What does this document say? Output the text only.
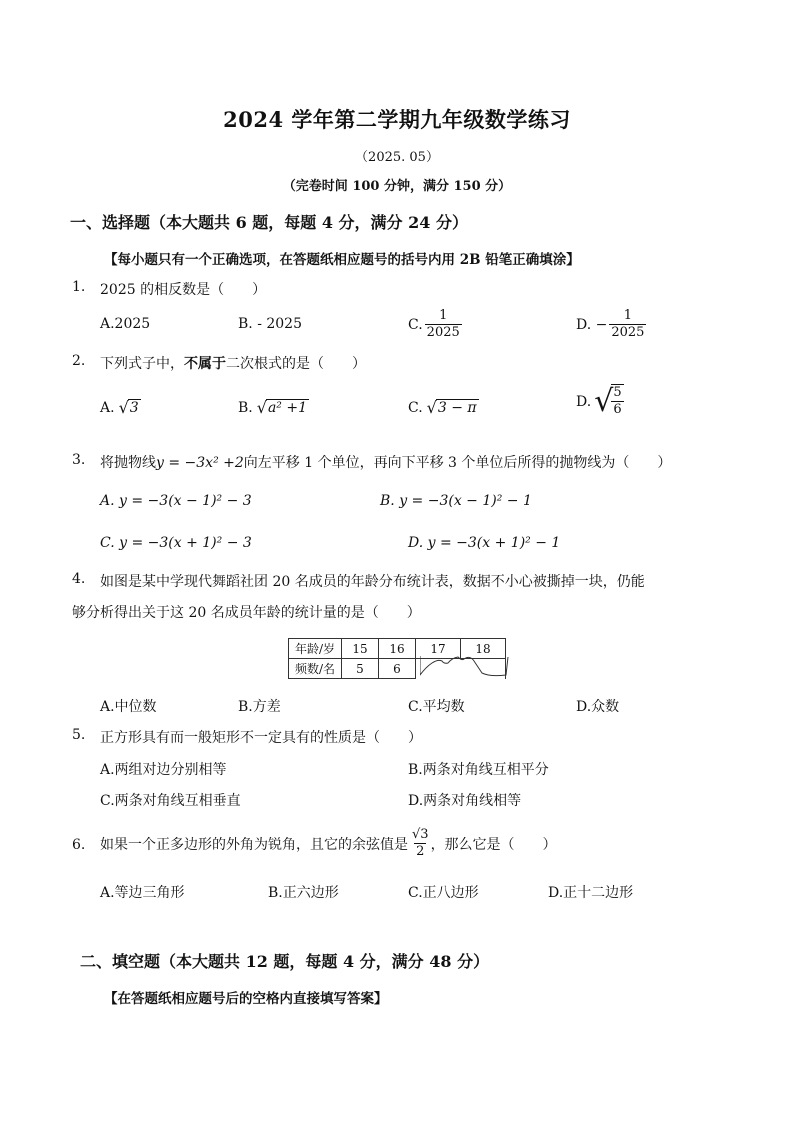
2024 学年第二学期九年级数学练习
（2025. 05）
（完卷时间 100 分钟，满分 150 分）
一、选择题（本大题共 6 题，每题 4 分，满分 24 分）
【每小题只有一个正确选项，在答题纸相应题号的括号内用 2B 铅笔正确填涂】
1. 2025 的相反数是（　　）
A.2025	B. - 2025	C. $\frac{1}{2025}$	D. − $\frac{1}{2025}$
2. 下列式子中，不属于二次根式的是（　　）
A. √ 3	B. √ a² +1	C. √ 3 − π	D. √
$\frac{5}{6}$
3. 将抛物线y = −3x² +2向左平移 1 个单位，再向下平移 3 个单位后所得的抛物线为（　　）
A. y = −3(x − 1)² − 3	B. y = −3(x − 1)² − 1
C. y = −3(x + 1)² − 3	D. y = −3(x + 1)² − 1
4. 如图是某中学现代舞蹈社团 20 名成员的年龄分布统计表，数据不小心被撕掉一块，仍能
够分析得出关于这 20 名成员年龄的统计量的是（　　）
年龄/岁	15	16	17	18
频数/名	5	6		
A.中位数	B.方差	C.平均数	D.众数
5. 正方形具有而一般矩形不一定具有的性质是（　　）
A.两组对边分别相等	B.两条对角线互相平分
C.两条对角线互相垂直	D.两条对角线相等
6. 如果一个正多边形的外角为锐角，且它的余弦值是 $\frac{√3}{2}$ ，那么它是（　　）
A.等边三角形	B.正六边形	C.正八边形	D.正十二边形
二、填空题（本大题共 12 题，每题 4 分，满分 48 分）
【在答题纸相应题号后的空格内直接填写答案】
